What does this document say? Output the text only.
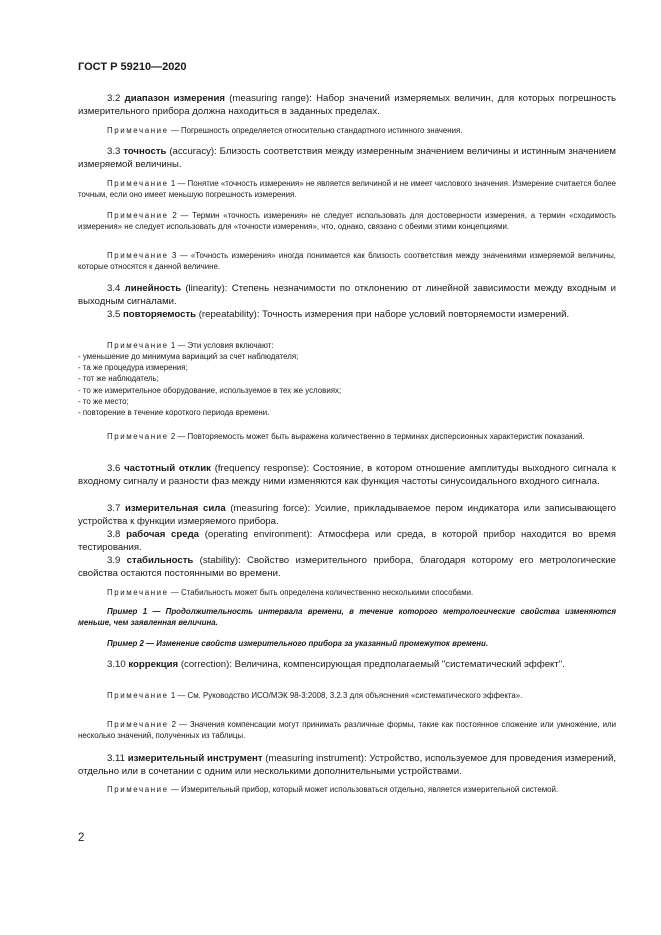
ГОСТ Р 59210—2020

3.2 диапазон измерения (measuring range): Набор значений измеряемых величин, для которых погрешность измерительного прибора должна находиться в заданных пределах.

Примечание — Погрешность определяется относительно стандартного истинного значения.

3.3 точность (accuracy): Близость соответствия между измеренным значением величины и истинным значением измеряемой величины.

Примечание 1 — Понятие «точность измерения» не является величиной и не имеет числового значения. Измерение считается более точным, если оно имеет меньшую погрешность измерения.

Примечание 2 — Термин «точность измерения» не следует использовать для достоверности измерения, а термин «сходимость измерения» не следует использовать для «точности измерения», что, однако, связано с обеими этими концепциями.

Примечание 3 — «Точность измерения» иногда понимается как близость соответствия между значениями измеряемой величины, которые относятся к данной величине.

3.4 линейность (linearity): Степень незначимости по отклонению от линейной зависимости между входным и выходным сигналами.

3.5 повторяемость (repeatability): Точность измерения при наборе условий повторяемости измерений.

Примечание 1 — Эти условия включают:

- уменьшение до минимума вариаций за счет наблюдателя;
- та же процедура измерения;
- тот же наблюдатель;
- то же измерительное оборудование, используемое в тех же условиях;
- то же место;
- повторение в течение короткого периода времени.

Примечание 2 — Повторяемость может быть выражена количественно в терминах дисперсионных характеристик показаний.

3.6 частотный отклик (frequency response): Состояние, в котором отношение амплитуды выходного сигнала к входному сигналу и разности фаз между ними изменяются как функция частоты синусоидального входного сигнала.

3.7 измерительная сила (measuring force): Усилие, прикладываемое пером индикатора или записывающего устройства к функции измеряемого прибора.

3.8 рабочая среда (operating environment): Атмосфера или среда, в которой прибор находится во время тестирования.

3.9 стабильность (stability): Свойство измерительного прибора, благодаря которому его метрологические свойства остаются постоянными во времени.

Примечание — Стабильность может быть определена количественно несколькими способами.

Пример 1 — Продолжительность интервала времени, в течение которого метрологические свойства изменяются меньше, чем заявленная величина.

Пример 2 — Изменение свойств измерительного прибора за указанный промежуток времени.

3.10 коррекция (correction): Величина, компенсирующая предполагаемый "систематический эффект".

Примечание 1 — См. Руководство ИСО/МЭК 98-3:2008, 3.2.3 для объяснения «систематического эффекта».

Примечание 2 — Значения компенсации могут принимать различные формы, такие как постоянное сложение или умножение, или несколько значений, полученных из таблицы.

3.11 измерительный инструмент (measuring instrument): Устройство, используемое для проведения измерений, отдельно или в сочетании с одним или несколькими дополнительными устройствами.

Примечание — Измерительный прибор, который может использоваться отдельно, является измерительной системой.

2
